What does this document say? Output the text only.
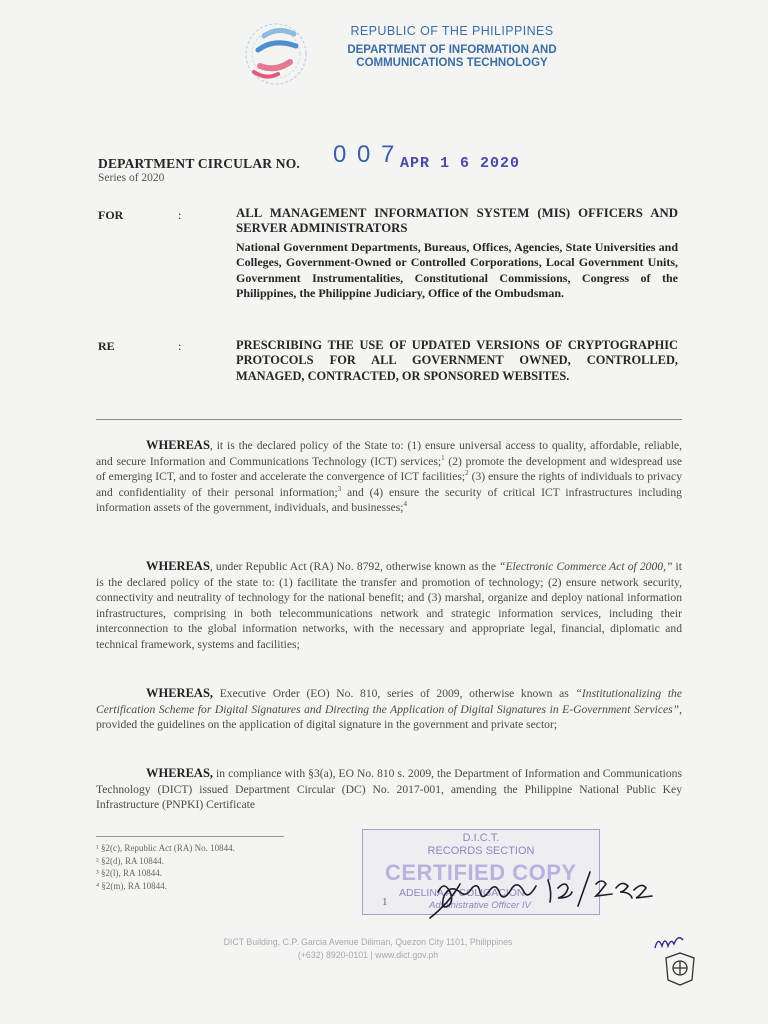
REPUBLIC OF THE PHILIPPINES
DEPARTMENT OF INFORMATION AND
COMMUNICATIONS TECHNOLOGY
DEPARTMENT CIRCULAR NO. 0 0 7 APR 1 6 2020
Series of 2020
FOR	:	ALL MANAGEMENT INFORMATION SYSTEM (MIS) OFFICERS AND SERVER ADMINISTRATORS
National Government Departments, Bureaus, Offices, Agencies, State Universities and Colleges, Government-Owned or Controlled Corporations, Local Government Units, Government Instrumentalities, Constitutional Commissions, Congress of the Philippines, the Philippine Judiciary, Office of the Ombudsman.
RE	:	PRESCRIBING THE USE OF UPDATED VERSIONS OF CRYPTOGRAPHIC PROTOCOLS FOR ALL GOVERNMENT OWNED, CONTROLLED, MANAGED, CONTRACTED, OR SPONSORED WEBSITES.
WHEREAS, it is the declared policy of the State to: (1) ensure universal access to quality, affordable, reliable, and secure Information and Communications Technology (ICT) services;$^1$ (2) promote the development and widespread use of emerging ICT, and to foster and accelerate the convergence of ICT facilities;$^2$ (3) ensure the rights of individuals to privacy and confidentiality of their personal information;$^3$ and (4) ensure the security of critical ICT infrastructures including information assets of the government, individuals, and businesses;$^4$
WHEREAS, under Republic Act (RA) No. 8792, otherwise known as the “Electronic Commerce Act of 2000,” it is the declared policy of the state to: (1) facilitate the transfer and promotion of technology; (2) ensure network security, connectivity and neutrality of technology for the national benefit; and (3) marshal, organize and deploy national information infrastructures, comprising in both telecommunications network and strategic information services, including their interconnection to the global information networks, with the necessary and appropriate legal, financial, diplomatic and technical framework, systems and facilities;
WHEREAS, Executive Order (EO) No. 810, series of 2009, otherwise known as “Institutionalizing the Certification Scheme for Digital Signatures and Directing the Application of Digital Signatures in E-Government Services”, provided the guidelines on the application of digital signature in the government and private sector;
WHEREAS, in compliance with §3(a), EO No. 810 s. 2009, the Department of Information and Communications Technology (DICT) issued Department Circular (DC) No. 2017-001, amending the Philippine National Public Key Infrastructure (PNPKI) Certificate
¹ §2(c), Republic Act (RA) No. 10844.
² §2(d), RA 10844.
³ §2(l), RA 10844.
⁴ §2(m), RA 10844.
D.I.C.T.
RECORDS SECTION
CERTIFIED COPY
ADELINA A. COLIGACION
Administrative Officer IV
1
DICT Building, C.P. Garcia Avenue Diliman, Quezon City 1101, Philippines
(+632) 8920-0101 | www.dict.gov.ph
